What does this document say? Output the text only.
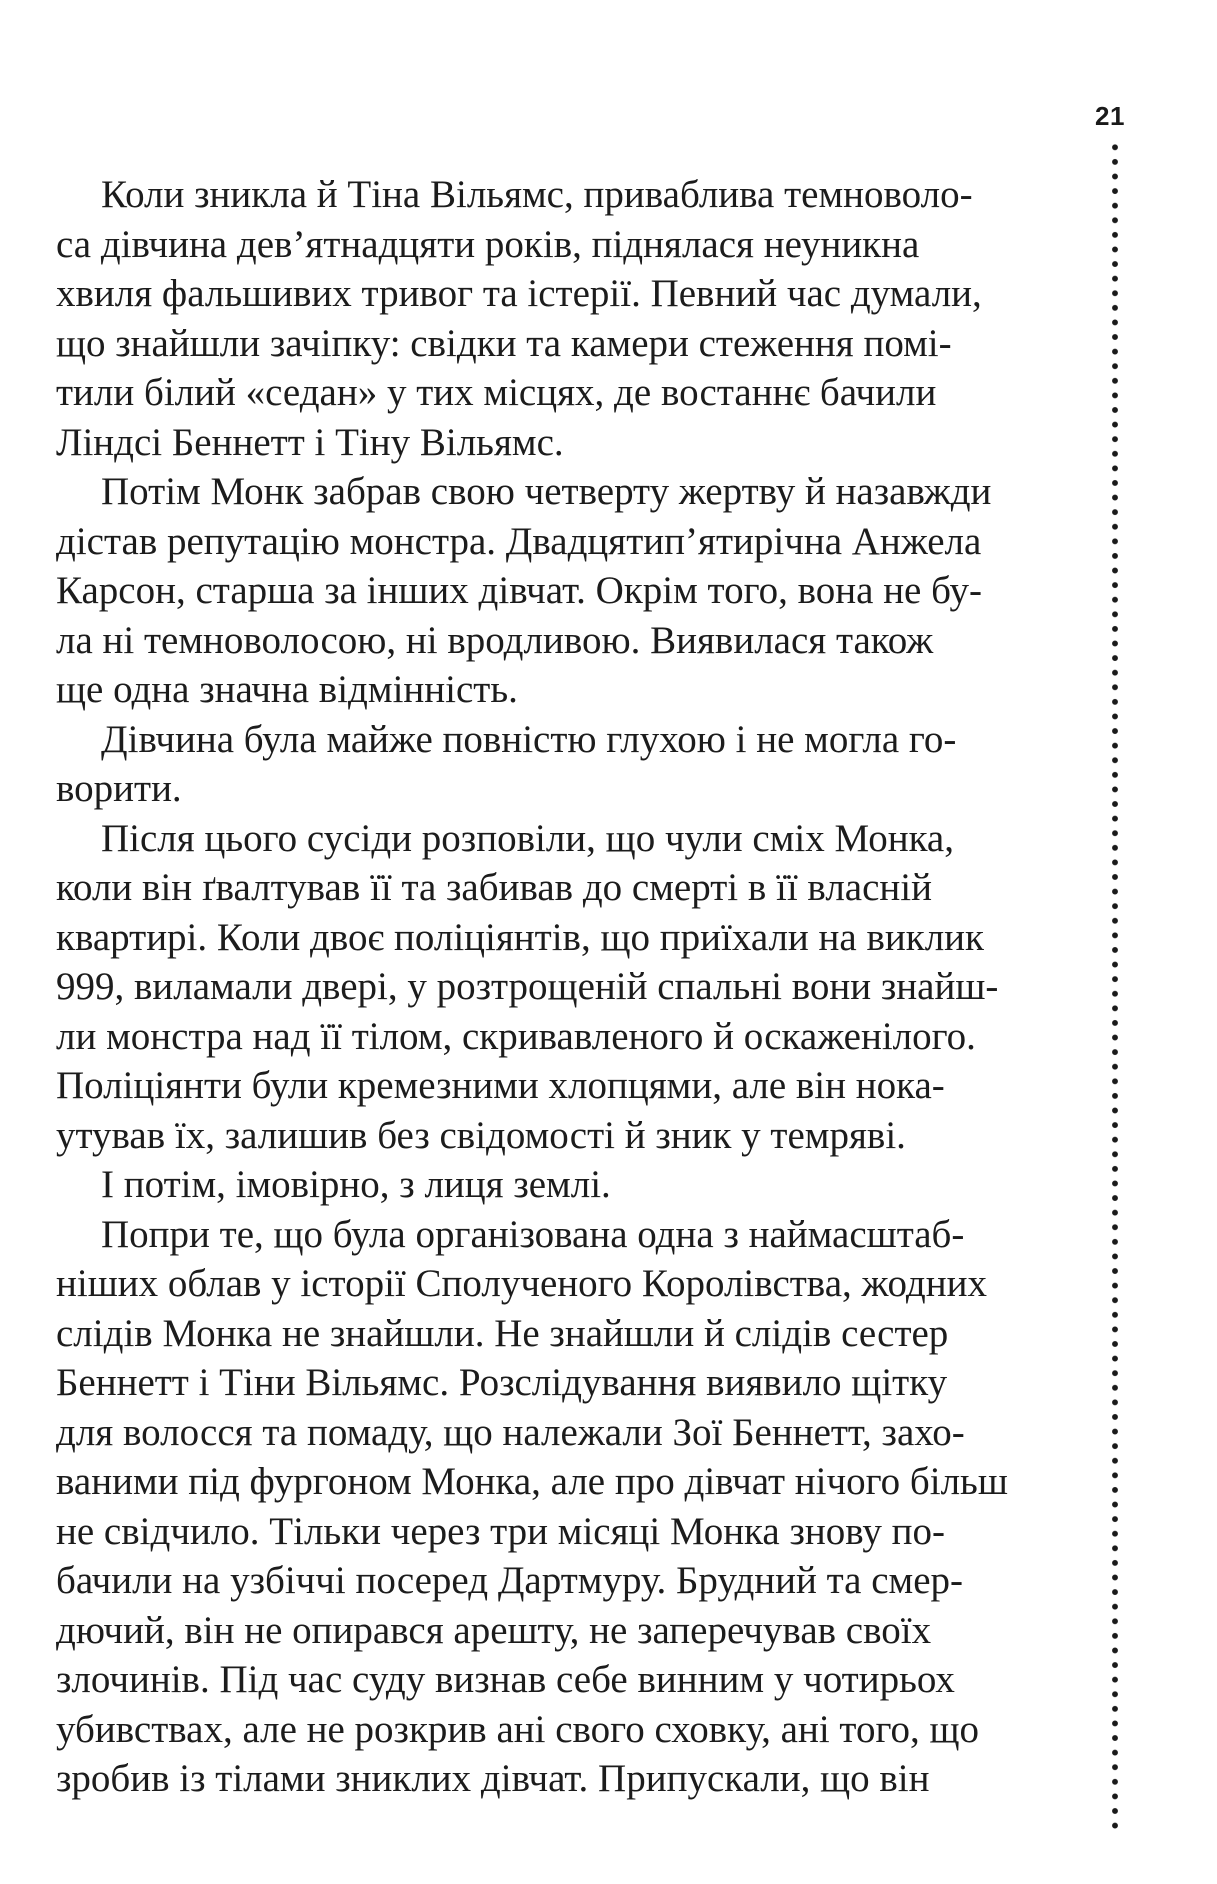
21
Коли зникла й Тіна Вільямс, приваблива темноволо-
са дівчина дев’ятнадцяти років, піднялася неуникна
хвиля фальшивих тривог та істерії. Певний час думали,
що знайшли зачіпку: свідки та камери стеження помі-
тили білий «седан» у тих місцях, де востаннє бачили
Ліндсі Беннетт і Тіну Вільямс.
Потім Монк забрав свою четверту жертву й назавжди
дістав репутацію монстра. Двадцятип’ятирічна Анжела
Карсон, старша за інших дівчат. Окрім того, вона не бу-
ла ні темноволосою, ні вродливою. Виявилася також
ще одна значна відмінність.
Дівчина була майже повністю глухою і не могла го-
ворити.
Після цього сусіди розповіли, що чули сміх Монка,
коли він ґвалтував її та забивав до смерті в її власній
квартирі. Коли двоє поліціянтів, що приїхали на виклик
999, виламали двері, у розтрощеній спальні вони знайш-
ли монстра над її тілом, скривавленого й оскаженілого.
Поліціянти були кремезними хлопцями, але він нока-
утував їх, залишив без свідомості й зник у темряві.
І потім, імовірно, з лиця землі.
Попри те, що була організована одна з наймасштаб-
ніших облав у історії Сполученого Королівства, жодних
слідів Монка не знайшли. Не знайшли й слідів сестер
Беннетт і Тіни Вільямс. Розслідування виявило щітку
для волосся та помаду, що належали Зої Беннетт, захо-
ваними під фургоном Монка, але про дівчат нічого більш
не свідчило. Тільки через три місяці Монка знову по-
бачили на узбіччі посеред Дартмуру. Брудний та смер-
дючий, він не опирався арешту, не заперечував своїх
злочинів. Під час суду визнав себе винним у чотирьох
убивствах, але не розкрив ані свого сховку, ані того, що
зробив із тілами зниклих дівчат. Припускали, що він
